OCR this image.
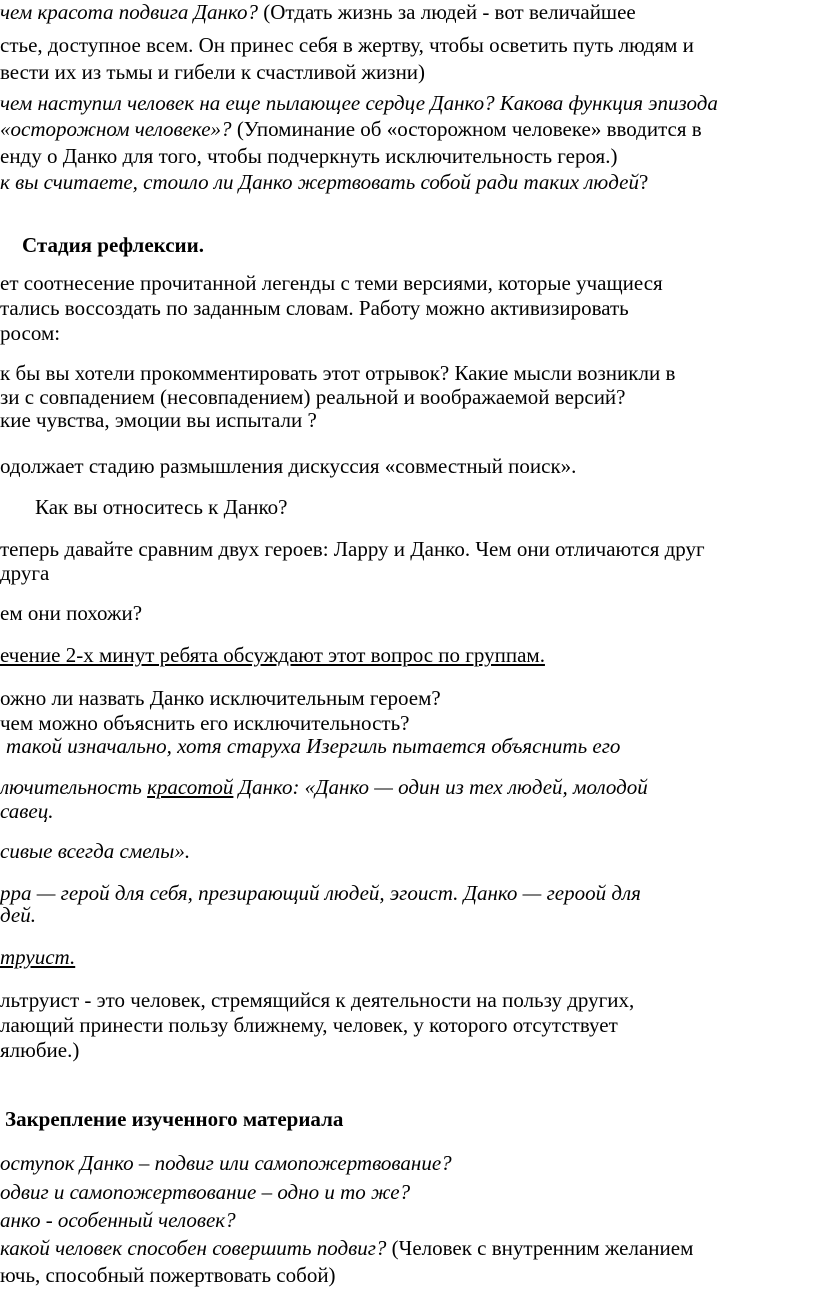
чем красота подвига Данко? (Отдать жизнь за людей - вот величайшее
стье, доступное всем. Он принес себя в жертву, чтобы осветить путь людям и
вести их из тьмы и гибели к счастливой жизни)
чем наступил человек на еще пылающее сердце Данко? Какова функция эпизода
«осторожном человеке»? (Упоминание об «осторожном человеке» вводится в
енду о Данко для того, чтобы подчеркнуть исключительность героя.)
к вы считаете, стоило ли Данко жертвовать собой ради таких людей?
Стадия рефлексии.
ет соотнесение прочитанной легенды с теми версиями, которые учащиеся
тались воссоздать по заданным словам. Работу можно активизировать
росом:
к бы вы хотели прокомментировать этот отрывок? Какие мысли возникли в
зи с совпадением (несовпадением) реальной и воображаемой версий?
кие чувства, эмоции вы испытали ?
одолжает стадию размышления дискуссия «совместный поиск».
Как вы относитесь к Данко?
теперь давайте сравним двух героев: Ларру и Данко. Чем они отличаются друг
друга
ем они похожи?
ечение 2-х минут ребята обсуждают этот вопрос по группам.
ожно ли назвать Данко исключительным героем?
чем можно объяснить его исключительность?
такой изначально, хотя старуха Изергиль пытается объяснить его
лючительность красотой Данко: «Данко — один из тех людей, молодой
савец.
сивые всегда смелы».
рра — герой для себя, презирающий людей, эгоист. Данко — героой для
дей.
труист.
льтруист - это человек, стремящийся к деятельности на пользу других,
лающий принести пользу ближнему, человек, у которого отсутствует
ялюбие.)
Закрепление изученного материала
оступок Данко – подвиг или самопожертвование?
одвиг и самопожертвование – одно и то же?
анко - особенный человек?
какой человек способен совершить подвиг? (Человек с внутренним желанием
ючь, способный пожертвовать собой)
